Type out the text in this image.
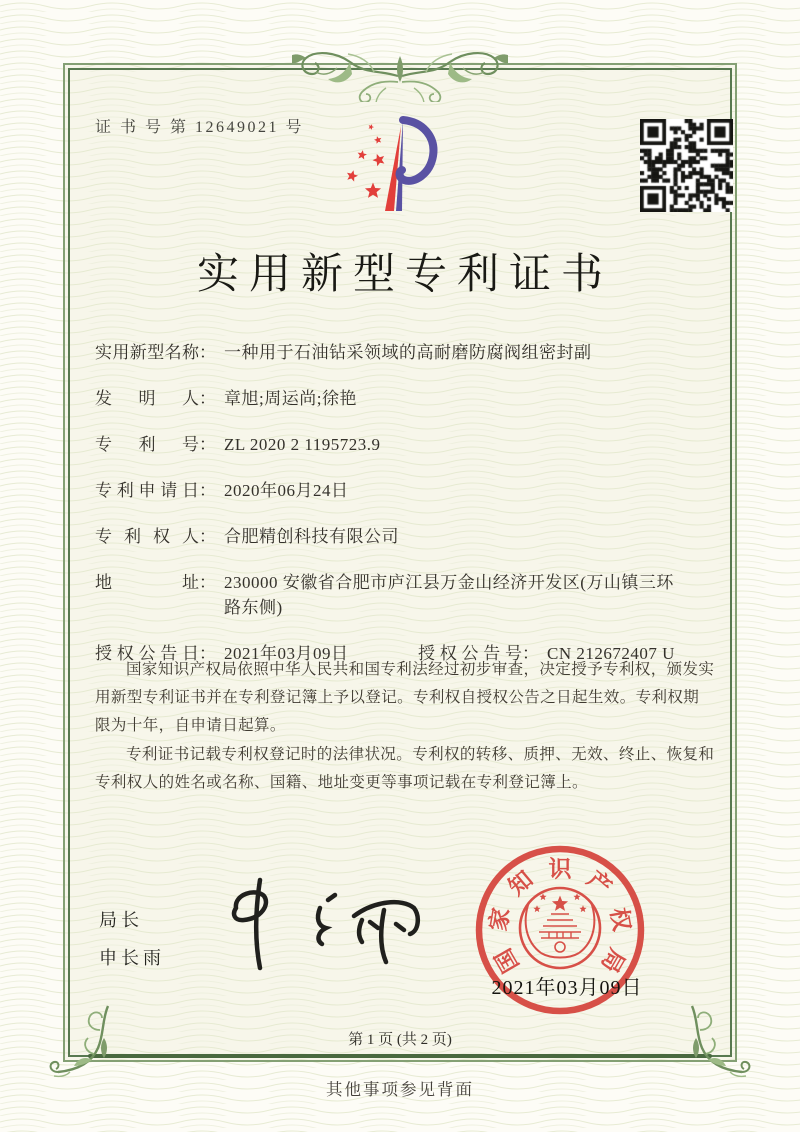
证 书 号 第 12649021 号
实用新型专利证书
实用新型名称 ： 一种用于石油钻采领域的高耐磨防腐阀组密封副
发明人 ： 章旭;周运尚;徐艳
专利号 ： ZL 2020 2 1195723.9
专利申请日 ： 2020年06月24日
专利权人 ： 合肥精创科技有限公司
地址 ： 230000 安徽省合肥市庐江县万金山经济开发区(万山镇三环路东侧)
授权公告日 ： 2021年03月09日	授权公告号 ： CN 212672407 U

国家知识产权局依照中华人民共和国专利法经过初步审查，决定授予专利权，颁发实用新型专利证书并在专利登记簿上予以登记。专利权自授权公告之日起生效。专利权期限为十年，自申请日起算。

专利证书记载专利权登记时的法律状况。专利权的转移、质押、无效、终止、恢复和专利权人的姓名或名称、国籍、地址变更等事项记载在专利登记簿上。

局长
申长雨	国
家
知 识 产
权
局
2021年03月09日
第 1 页 (共 2 页)
其他事项参见背面
